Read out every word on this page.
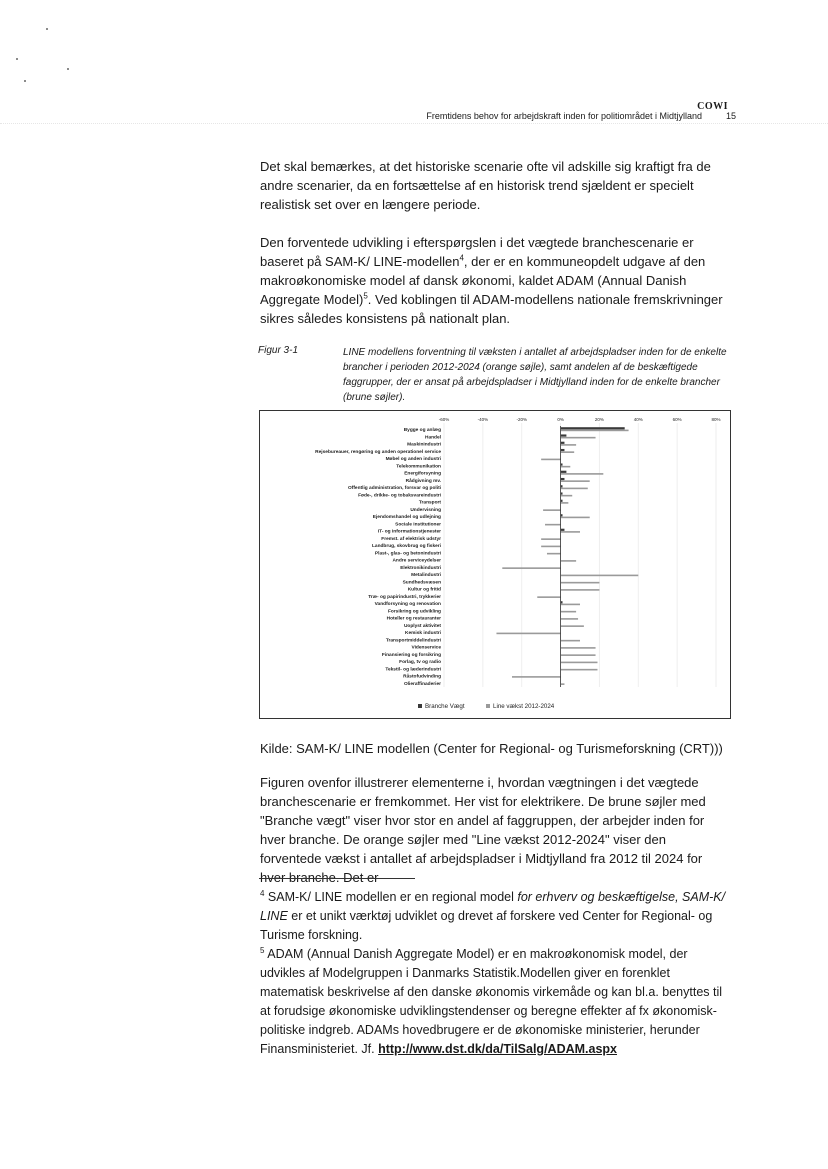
COWI
Fremtidens behov for arbejdskraft inden for politiområdet i Midtjylland	15

Det skal bemærkes, at det historiske scenarie ofte vil adskille sig kraftigt fra de andre scenarier, da en fortsættelse af en historisk trend sjældent er specielt realistisk set over en længere periode.

Den forventede udvikling i efterspørgslen i det vægtede branchescenarie er baseret på SAM-K/ LINE-modellen$^4$, der er en kommuneopdelt udgave af den makroøkonomiske model af dansk økonomi, kaldet ADAM (Annual Danish Aggregate Model)$^5$. Ved koblingen til ADAM-modellens nationale fremskrivninger sikres således konsistens på nationalt plan.

Figur 3-1	LINE modellens forventning til væksten i antallet af arbejdspladser inden for de enkelte brancher i perioden 2012-2024 (orange søjle), samt andelen af de beskæftigede faggrupper, der er ansat på arbejdspladser i Midtjylland inden for de enkelte brancher (brune søjler).

-60%	-40%	-20%	0%	20%	40%	60%	80%
Bygge og anlæg
Handel
Maskinindustri
Rejsebureauer, rengøring og anden operationel service
Møbel og anden industri
Telekommunikation
Energiforsyning
Rådgivning mv.
Offentlig administration, forsvar og politi
Føde-, drikke- og tobaksvareindustri
Transport
Undervisning
Ejendomshandel og udlejning
Sociale institutioner
IT- og informationstjenester
Fremst. af elektrisk udstyr
Landbrug, skovbrug og fiskeri
Plast-, glas- og betonindustri
Andre serviceydelser
Elektronikindustri
Metalindustri
Sundhedsvæsen
Kultur og fritid
Træ- og papirindustri, trykkerier
Vandforsyning og renovation
Forsikring og udvikling
Hoteller og restauranter
Uoplyst aktivitet
Kemisk industri
Transportmiddelindustri
Videnservice
Finansiering og forsikring
Forlag, tv og radio
Tekstil- og læderindustri
Råstofudvinding
Olieraffinaderier
Branche Vægt	Line vækst 2012-2024
Kilde: SAM-K/ LINE modellen (Center for Regional- og Turismeforskning (CRT)))

Figuren ovenfor illustrerer elementerne i, hvordan vægtningen i det vægtede branchescenarie er fremkommet. Her vist for elektrikere. De brune søjler med "Branche vægt" viser hvor stor en andel af faggruppen, der arbejder inden for hver branche. De orange søjler med "Line vækst 2012-2024" viser den forventede vækst i antallet af arbejdspladser i Midtjylland fra 2012 til 2024 for hver branche. Det er

$^4$ SAM-K/ LINE modellen er en regional model for erhverv og beskæftigelse, SAM-K/ LINE er et unikt værktøj udviklet og drevet af forskere ved Center for Regional- og Turisme forskning.

$^5$ ADAM (Annual Danish Aggregate Model) er en makroøkonomisk model, der udvikles af Modelgruppen i Danmarks Statistik.Modellen giver en forenklet matematisk beskrivelse af den danske økonomis virkemåde og kan bl.a. benyttes til at forudsige økonomiske udviklingstendenser og beregne effekter af fx økonomisk-politiske indgreb. ADAMs hovedbrugere er de økonomiske ministerier, herunder Finansministeriet. Jf. http://www.dst.dk/da/TilSalg/ADAM.aspx
